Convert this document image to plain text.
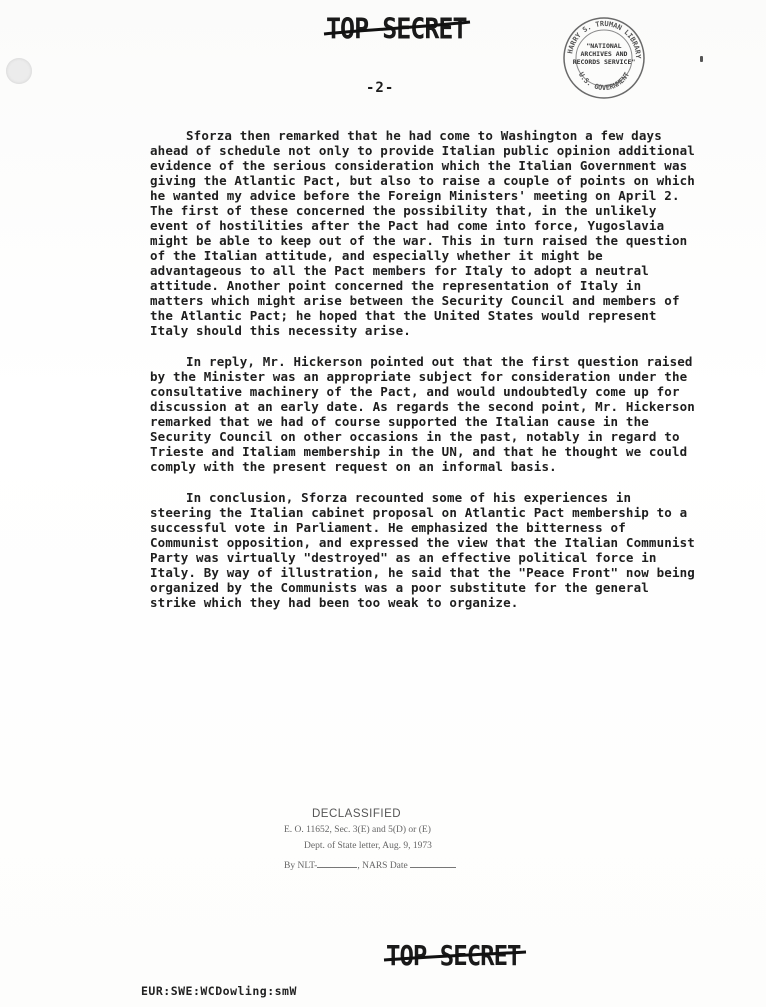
TOP SECRET
HARRY S. TRUMAN LIBRARY
U.S. GOVERNMENT
"NATIONAL ARCHIVES AND RECORDS SERVICE"
-2-

Sforza then remarked that he had come to Washington a few days ahead of schedule not only to provide Italian public opinion additional evidence of the serious consideration which the Italian Government was giving the Atlantic Pact, but also to raise a couple of points on which he wanted my advice before the Foreign Ministers' meeting on April 2. The first of these concerned the possibility that, in the unlikely event of hostilities after the Pact had come into force, Yugoslavia might be able to keep out of the war. This in turn raised the question of the Italian attitude, and especially whether it might be advantageous to all the Pact members for Italy to adopt a neutral attitude. Another point concerned the representation of Italy in matters which might arise between the Security Council and members of the Atlantic Pact; he hoped that the United States would represent Italy should this necessity arise.

In reply, Mr. Hickerson pointed out that the first question raised by the Minister was an appropriate subject for consideration under the consultative machinery of the Pact, and would undoubtedly come up for discussion at an early date. As regards the second point, Mr. Hickerson remarked that we had of course supported the Italian cause in the Security Council on other occasions in the past, notably in regard to Trieste and Italiam membership in the UN, and that he thought we could comply with the present request on an informal basis.

In conclusion, Sforza recounted some of his experiences in steering the Italian cabinet proposal on Atlantic Pact membership to a successful vote in Parliament. He emphasized the bitterness of Communist opposition, and expressed the view that the Italian Communist Party was virtually "destroyed" as an effective political force in Italy. By way of illustration, he said that the "Peace Front" now being organized by the Communists was a poor substitute for the general strike which they had been too weak to organize.

DECLASSIFIED
E. O. 11652, Sec. 3(E) and 5(D) or (E)
Dept. of State letter, Aug. 9, 1973
By NLT-	, NARS Date
TOP SECRET
EUR:SWE:WCDowling:smW
